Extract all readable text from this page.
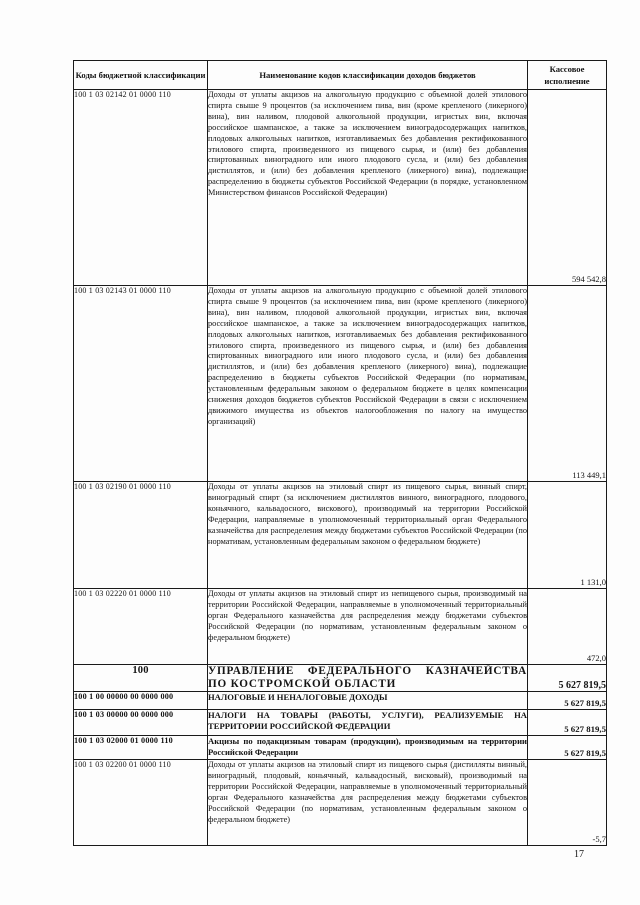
Коды бюджетной классификации	Наименование кодов классификации доходов бюджетов	Кассовое исполнение
100 1 03 02142 01 0000 110	Доходы от уплаты акцизов на алкогольную продукцию с объемной долей этилового спирта свыше 9 процентов (за исключением пива, вин (кроме крепленого (ликерного) вина), вин наливом, плодовой алкогольной продукции, игристых вин, включая российское шампанское, а также за исключением виноградосодержащих напитков, плодовых алкогольных напитков, изготавливаемых без добавления ректификованного этилового спирта, произведенного из пищевого сырья, и (или) без добавления спиртованных виноградного или иного плодового сусла, и (или) без добавления дистиллятов, и (или) без добавления крепленого (ликерного) вина), подлежащие распределению в бюджеты субъектов Российской Федерации (в порядке, установленном Министерством финансов Российской Федерации)	594 542,8
100 1 03 02143 01 0000 110	Доходы от уплаты акцизов на алкогольную продукцию с объемной долей этилового спирта свыше 9 процентов (за исключением пива, вин (кроме крепленого (ликерного) вина), вин наливом, плодовой алкогольной продукции, игристых вин, включая российское шампанское, а также за исключением виноградосодержащих напитков, плодовых алкогольных напитков, изготавливаемых без добавления ректификованного этилового спирта, произведенного из пищевого сырья, и (или) без добавления спиртованных виноградного или иного плодового сусла, и (или) без добавления дистиллятов, и (или) без добавления крепленого (ликерного) вина), подлежащие распределению в бюджеты субъектов Российской Федерации (по нормативам, установленным федеральным законом о федеральном бюджете в целях компенсации снижения доходов бюджетов субъектов Российской Федерации в связи с исключением движимого имущества из объектов налогообложения по налогу на имущество организаций)	113 449,1
100 1 03 02190 01 0000 110	Доходы от уплаты акцизов на этиловый спирт из пищевого сырья, винный спирт, виноградный спирт (за исключением дистиллятов винного, виноградного, плодового, коньячного, кальвадосного, вискового), производимый на территории Российской Федерации, направляемые в уполномоченный территориальный орган Федерального казначейства для распределения между бюджетами субъектов Российской Федерации (по нормативам, установленным федеральным законом о федеральном бюджете)	1 131,0
100 1 03 02220 01 0000 110	Доходы от уплаты акцизов на этиловый спирт из непищевого сырья, производимый на территории Российской Федерации, направляемые в уполномоченный территориальный орган Федерального казначейства для распределения между бюджетами субъектов Российской Федерации (по нормативам, установленным федеральным законом о федеральном бюджете)	472,0
100	УПРАВЛЕНИЕ ФЕДЕРАЛЬНОГО КАЗНАЧЕЙСТВА ПО КОСТРОМСКОЙ ОБЛАСТИ	5 627 819,5
100 1 00 00000 00 0000 000	НАЛОГОВЫЕ И НЕНАЛОГОВЫЕ ДОХОДЫ	5 627 819,5
100 1 03 00000 00 0000 000	НАЛОГИ НА ТОВАРЫ (РАБОТЫ, УСЛУГИ), РЕАЛИЗУЕМЫЕ НА ТЕРРИТОРИИ РОССИЙСКОЙ ФЕДЕРАЦИИ	5 627 819,5
100 1 03 02000 01 0000 110	Акцизы по подакцизным товарам (продукции), производимым на территории Российской Федерации	5 627 819,5
100 1 03 02200 01 0000 110	Доходы от уплаты акцизов на этиловый спирт из пищевого сырья (дистилляты винный, виноградный, плодовый, коньячный, кальвадосный, висковый), производимый на территории Российской Федерации, направляемые в уполномоченный территориальный орган Федерального казначейства для распределения между бюджетами субъектов Российской Федерации (по нормативам, установленным федеральным законом о федеральном бюджете)	-5,7
17
